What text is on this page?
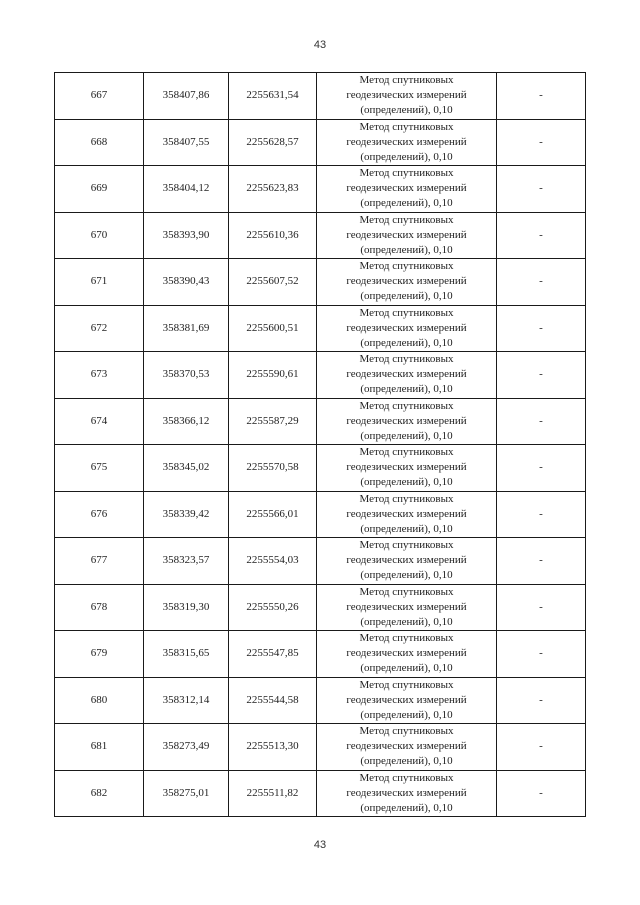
43
667	358407,86	2255631,54	Метод спутниковых
геодезических измерений
(определений), 0,10	-
668	358407,55	2255628,57	Метод спутниковых
геодезических измерений
(определений), 0,10	-
669	358404,12	2255623,83	Метод спутниковых
геодезических измерений
(определений), 0,10	-
670	358393,90	2255610,36	Метод спутниковых
геодезических измерений
(определений), 0,10	-
671	358390,43	2255607,52	Метод спутниковых
геодезических измерений
(определений), 0,10	-
672	358381,69	2255600,51	Метод спутниковых
геодезических измерений
(определений), 0,10	-
673	358370,53	2255590,61	Метод спутниковых
геодезических измерений
(определений), 0,10	-
674	358366,12	2255587,29	Метод спутниковых
геодезических измерений
(определений), 0,10	-
675	358345,02	2255570,58	Метод спутниковых
геодезических измерений
(определений), 0,10	-
676	358339,42	2255566,01	Метод спутниковых
геодезических измерений
(определений), 0,10	-
677	358323,57	2255554,03	Метод спутниковых
геодезических измерений
(определений), 0,10	-
678	358319,30	2255550,26	Метод спутниковых
геодезических измерений
(определений), 0,10	-
679	358315,65	2255547,85	Метод спутниковых
геодезических измерений
(определений), 0,10	-
680	358312,14	2255544,58	Метод спутниковых
геодезических измерений
(определений), 0,10	-
681	358273,49	2255513,30	Метод спутниковых
геодезических измерений
(определений), 0,10	-
682	358275,01	2255511,82	Метод спутниковых
геодезических измерений
(определений), 0,10	-
43
